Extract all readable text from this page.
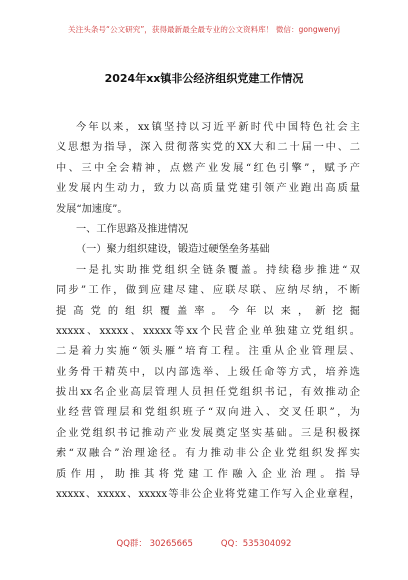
关注头条号“公文研究”，获得最新最全最专业的公文资料库！ 微信：gongwenyj
2024年xx镇非公经济组织党建工作情况
今年以来，xx镇坚持以习近平新时代中国特色社会主
义思想为指导，深入贯彻落实党的XX大和二十届一中、二
中、三中全会精神，点燃产业发展“红色引擎”，赋予产
业发展内生动力，致力以高质量党建引领产业跑出高质量
发展“加速度”。
一、工作思路及推进情况
（一）聚力组织建设，锻造过硬堡垒务基础
一是扎实助推党组织全链条覆盖。持续稳步推进“双
同步”工作，做到应建尽建、应联尽联、应纳尽纳，不断
提高党的组织覆盖率。今年以来，新挖掘
xxxxx、xxxxx、xxxxx等xx个民营企业单独建立党组织。
二是着力实施“领头雁”培育工程。注重从企业管理层、
业务骨干精英中，以内部选举、上级任命等方式，培养选
拔出xx名企业高层管理人员担任党组织书记，有效推动企
业经营管理层和党组织班子“双向进入、交叉任职”，为
企业党组织书记推动产业发展奠定坚实基础。三是积极探
索“双融合”治理途径。有力推动非公企业党组织发挥实
质作用，助推其将党建工作融入企业治理。指导
xxxxx、xxxxx、xxxxx等非公企业将党建工作写入企业章程，
QQ群： 30265665	QQ：535304092
